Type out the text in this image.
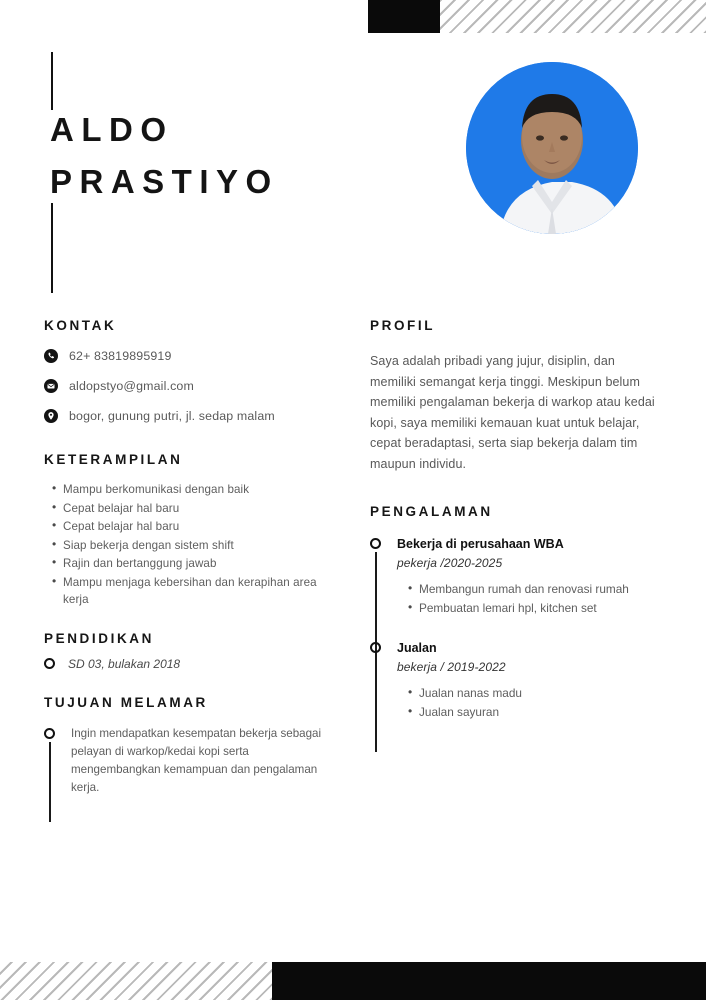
ALDO
PRASTIYO
KONTAK
62+ 83819895919
aldopstyo@gmail.com
bogor, gunung putri, jl. sedap malam
KETERAMPILAN
• Mampu berkomunikasi dengan baik
• Cepat belajar hal baru
• Cepat belajar hal baru
• Siap bekerja dengan sistem shift
• Rajin dan bertanggung jawab
• Mampu menjaga kebersihan dan kerapihan area kerja
PENDIDIKAN
SD 03, bulakan 2018
TUJUAN MELAMAR
Ingin mendapatkan kesempatan bekerja sebagai pelayan di warkop/kedai kopi serta mengembangkan kemampuan dan pengalaman kerja.
PROFIL
Saya adalah pribadi yang jujur, disiplin, dan memiliki semangat kerja tinggi. Meskipun belum memiliki pengalaman bekerja di warkop atau kedai kopi, saya memiliki kemauan kuat untuk belajar, cepat beradaptasi, serta siap bekerja dalam tim maupun individu.
PENGALAMAN
Bekerja di perusahaan WBA
pekerja /2020-2025
• Membangun rumah dan renovasi rumah
• Pembuatan lemari hpl, kitchen set
Jualan
bekerja / 2019-2022
• Jualan nanas madu
• Jualan sayuran
